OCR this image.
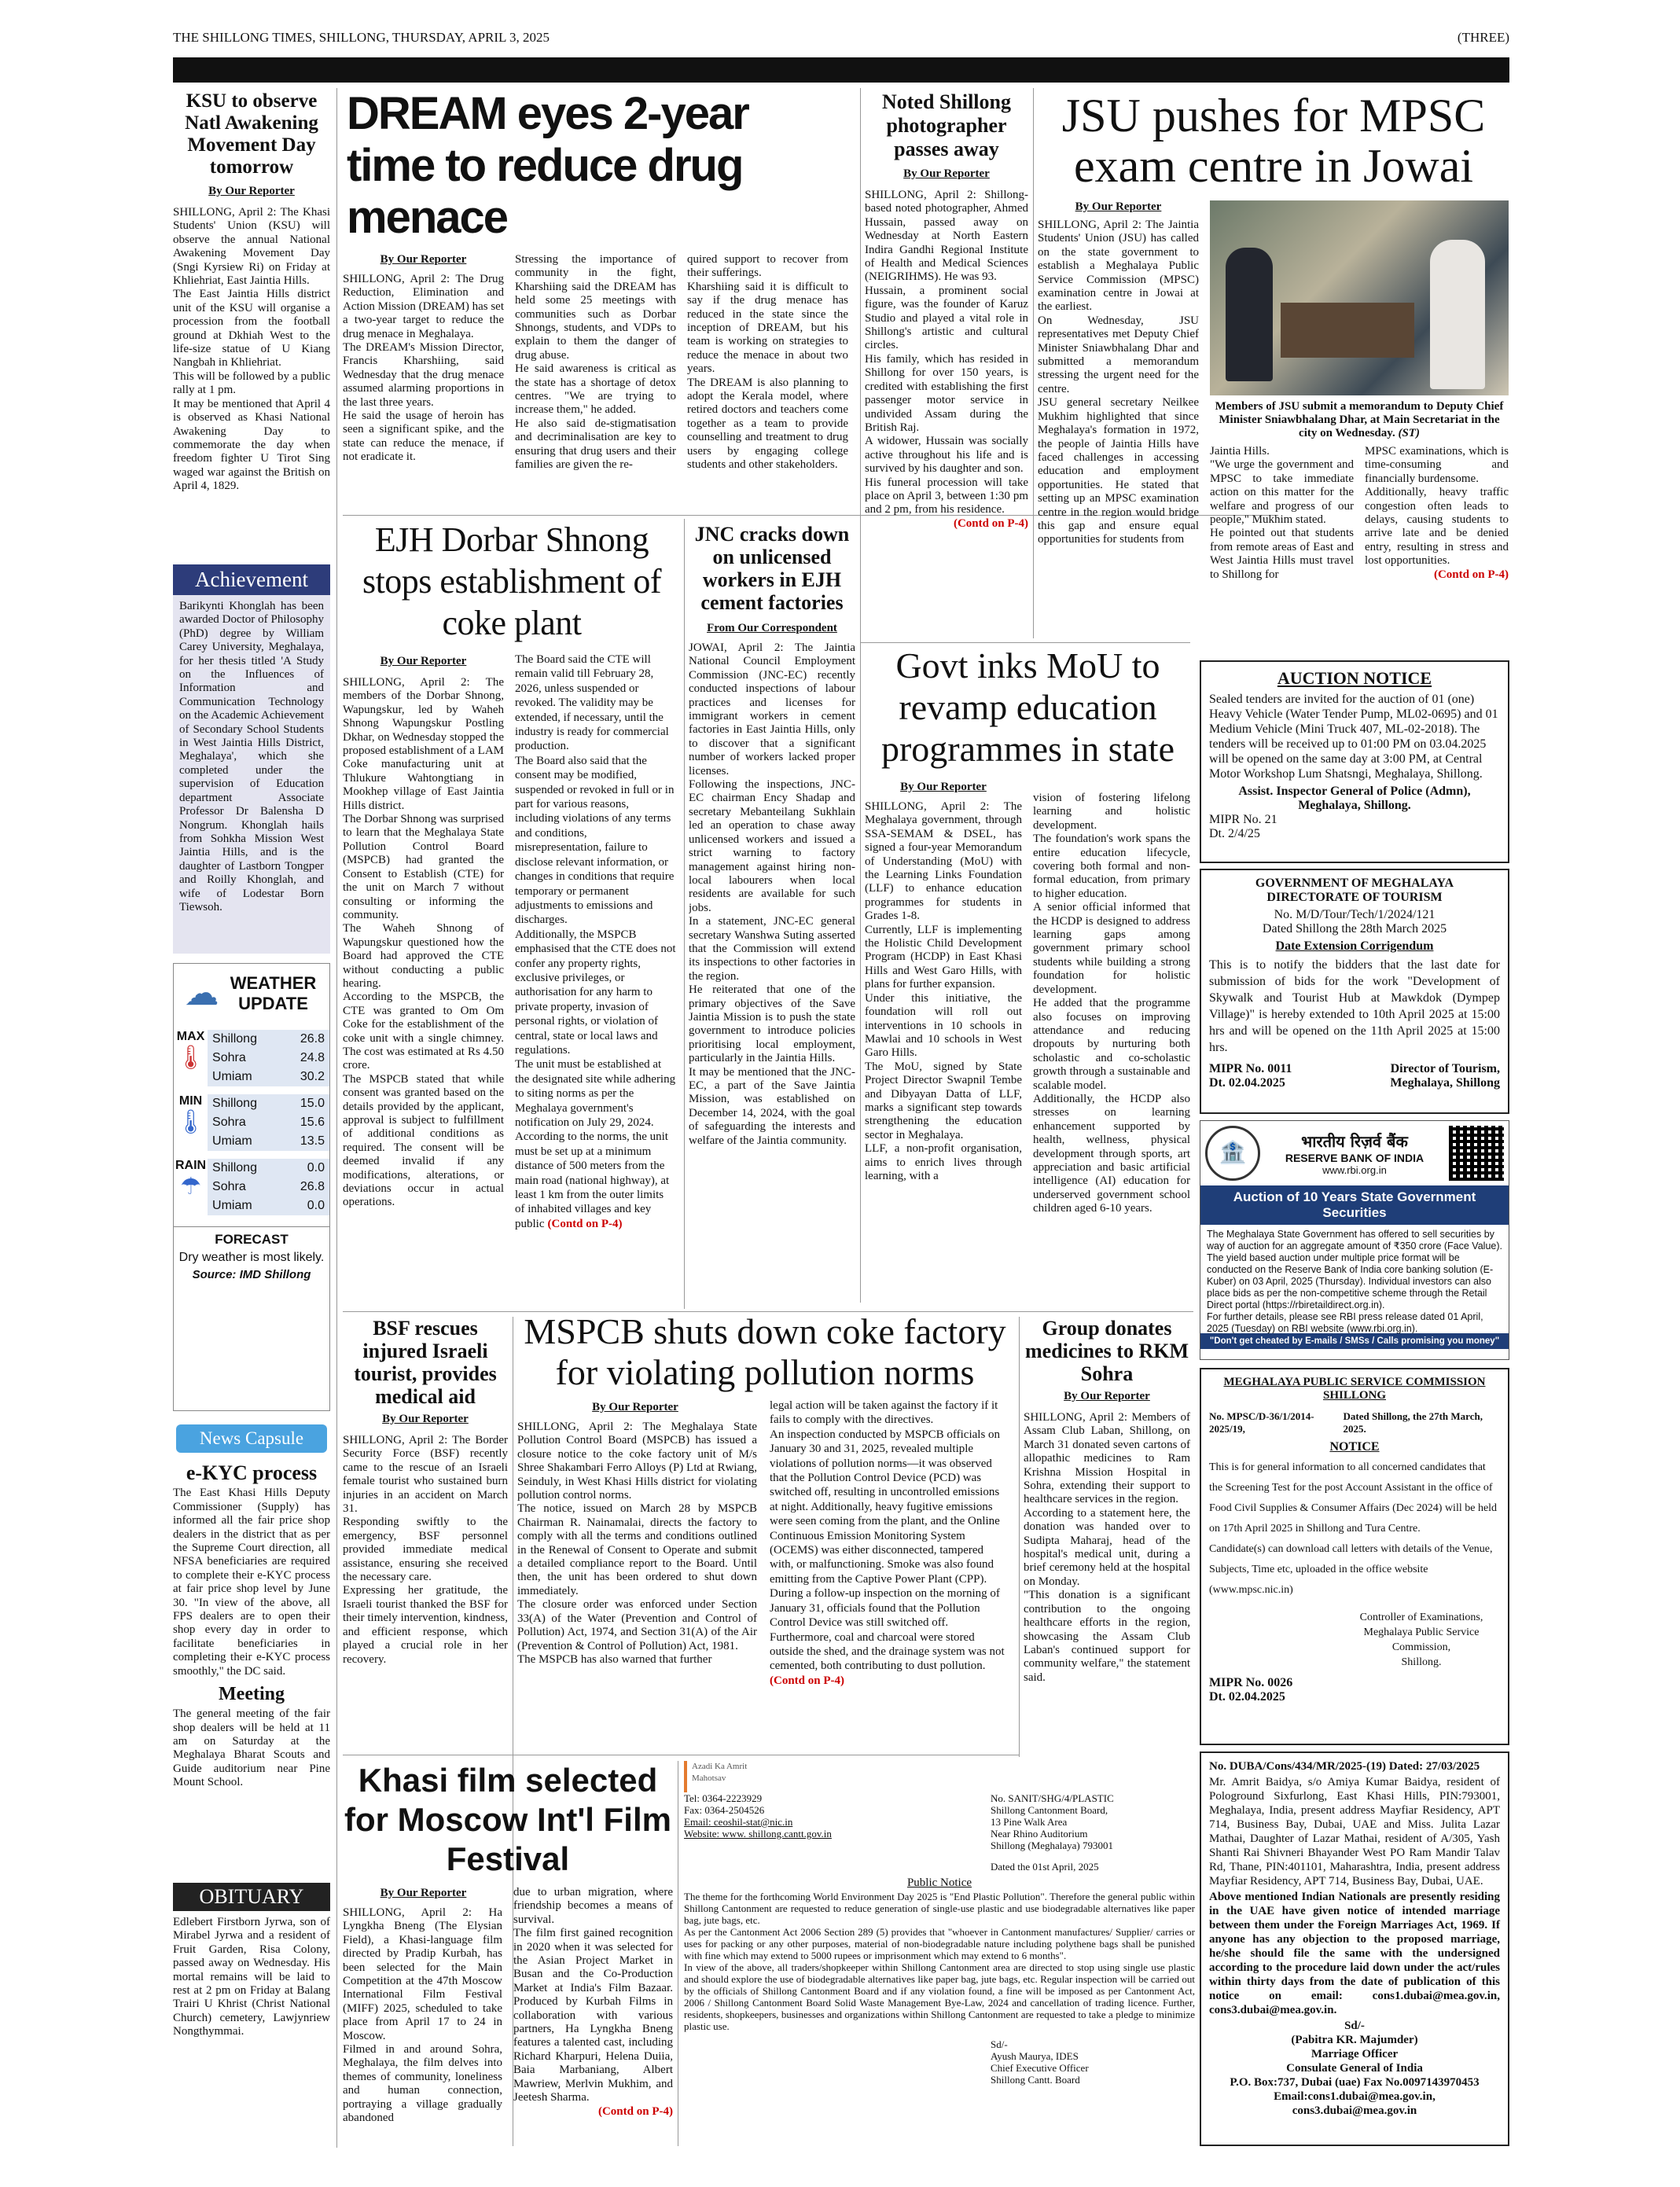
THE SHILLONG TIMES, SHILLONG, THURSDAY, APRIL 3, 2025	(THREE)
KSU to observe Natl Awakening Movement Day tomorrow
By Our Reporter
SHILLONG, April 2: The Khasi Students' Union (KSU) will observe the annual National Awakening Movement Day (Sngi Kyrsiew Ri) on Friday at Khliehriat, East Jaintia Hills.
The East Jaintia Hills district unit of the KSU will organise a procession from the football ground at Dkhiah West to the life-size statue of U Kiang Nangbah in Khliehriat.
This will be followed by a public rally at 1 pm.
It may be mentioned that April 4 is observed as Khasi National Awakening Day to commemorate the day when freedom fighter U Tirot Sing waged war against the British on April 4, 1829.
Achievement
Barikynti Khonglah has been awarded Doctor of Philosophy (PhD) degree by William Carey University, Meghalaya, for her thesis titled 'A Study on the Influences of Information and Communication Technology on the Academic Achievement of Secondary School Students in West Jaintia Hills District, Meghalaya', which she completed under the supervision of Education department Associate Professor Dr Balensha D Nongrum. Khonglah hails from Sohkha Mission West Jaintia Hills, and is the daughter of Lastborn Tongper and Roilly Khonglah, and wife of Lodestar Born Tiewsoh.
☁ WEATHER
UPDATE
MAX
🌡
Shillong	26.8
Sohra	24.8
Umiam	30.2
MIN
🌡
Shillong	15.0
Sohra	15.6
Umiam	13.5
RAIN
☂
Shillong	0.0
Sohra	26.8
Umiam	0.0
FORECAST
Dry weather is most likely.
Source: IMD Shillong
News Capsule
e-KYC process
The East Khasi Hills Deputy Commissioner (Supply) has informed all the fair price shop dealers in the district that as per the Supreme Court direction, all NFSA beneficiaries are required to complete their e-KYC process at fair price shop level by June 30. "In view of the above, all FPS dealers are to open their shop every day in order to facilitate beneficiaries in completing their e-KYC process smoothly," the DC said.
Meeting
The general meeting of the fair shop dealers will be held at 11 am on Saturday at the Meghalaya Bharat Scouts and Guide auditorium near Pine Mount School.
OBITUARY
Edlebert Firstborn Jyrwa, son of Mirabel Jyrwa and a resident of Fruit Garden, Risa Colony, passed away on Wednesday. His mortal remains will be laid to rest at 2 pm on Friday at Balang Trairi U Khrist (Christ National Church) cemetery, Lawjynriew Nongthymmai.
DREAM eyes 2-year time to reduce drug menace
By Our Reporter
SHILLONG, April 2: The Drug Reduction, Elimination and Action Mission (DREAM) has set a two-year target to reduce the drug menace in Meghalaya.
The DREAM's Mission Director, Francis Kharshiing, said Wednesday that the drug menace assumed alarming proportions in the last three years.
He said the usage of heroin has seen a significant spike, and the state can reduce the menace, if not eradicate it.
Stressing the importance of community in the fight, Kharshiing said the DREAM has held some 25 meetings with communities such as Dorbar Shnongs, students, and VDPs to explain to them the danger of drug abuse.
He said awareness is critical as the state has a shortage of detox centres. "We are trying to increase them," he added.
He also said de-stigmatisation and decriminalisation are key to ensuring that drug users and their families are given the re-
quired support to recover from their sufferings.
Kharshiing said it is difficult to say if the drug menace has reduced in the state since the inception of DREAM, but his team is working on strategies to reduce the menace in about two years.
The DREAM is also planning to adopt the Kerala model, where retired doctors and teachers come together as a team to provide counselling and treatment to drug users by engaging college students and other stakeholders.
EJH Dorbar Shnong stops establishment of coke plant
By Our Reporter
SHILLONG, April 2: The members of the Dorbar Shnong, Wapungskur, led by Waheh Shnong Wapungskur Postling Dkhar, on Wednesday stopped the proposed establishment of a LAM Coke manufacturing unit at Thlukure Wahtongtiang in Mookhep village of East Jaintia Hills district.
The Dorbar Shnong was surprised to learn that the Meghalaya State Pollution Control Board (MSPCB) had granted the Consent to Establish (CTE) for the unit on March 7 without consulting or informing the community.
The Waheh Shnong of Wapungskur questioned how the Board had approved the CTE without conducting a public hearing.
According to the MSPCB, the CTE was granted to Om Om Coke for the establishment of the coke unit with a single chimney. The cost was estimated at Rs 4.50 crore.
The MSPCB stated that while consent was granted based on the details provided by the applicant, approval is subject to fulfillment of additional conditions as required. The consent will be deemed invalid if any modifications, alterations, or deviations occur in actual operations.
The Board said the CTE will remain valid till February 28, 2026, unless suspended or revoked. The validity may be extended, if necessary, until the industry is ready for commercial production.
The Board also said that the consent may be modified, suspended or revoked in full or in part for various reasons, including violations of any terms and conditions, misrepresentation, failure to disclose relevant information, or changes in conditions that require temporary or permanent adjustments to emissions and discharges.
Additionally, the MSPCB emphasised that the CTE does not confer any property rights, exclusive privileges, or authorisation for any harm to private property, invasion of personal rights, or violation of central, state or local laws and regulations.
The unit must be established at the designated site while adhering to siting norms as per the Meghalaya government's notification on July 29, 2024.
According to the norms, the unit must be set up at a minimum distance of 500 meters from the main road (national highway), at least 1 km from the outer limits of inhabited villages and key public (Contd on P-4)
JNC cracks down on unlicensed workers in EJH cement factories
From Our Correspondent
JOWAI, April 2: The Jaintia National Council Employment Commission (JNC-EC) recently conducted inspections of labour practices and licenses for immigrant workers in cement factories in East Jaintia Hills, only to discover that a significant number of workers lacked proper licenses.
Following the inspections, JNC-EC chairman Ency Shadap and secretary Mebanteilang Sukhlain led an operation to chase away unlicensed workers and issued a strict warning to factory management against hiring non-local labourers when local residents are available for such jobs.
In a statement, JNC-EC general secretary Wanshwa Suting asserted that the Commission will extend its inspections to other factories in the region.
He reiterated that one of the primary objectives of the Save Jaintia Mission is to push the state government to introduce policies prioritising local employment, particularly in the Jaintia Hills.
It may be mentioned that the JNC-EC, a part of the Save Jaintia Mission, was established on December 14, 2024, with the goal of safeguarding the interests and welfare of the Jaintia community.
Noted Shillong photographer passes away
By Our Reporter
SHILLONG, April 2: Shillong-based noted photographer, Ahmed Hussain, passed away on Wednesday at North Eastern Indira Gandhi Regional Institute of Health and Medical Sciences (NEIGRIHMS). He was 93.
Hussain, a prominent social figure, was the founder of Karuz Studio and played a vital role in Shillong's artistic and cultural circles.
His family, which has resided in Shillong for over 150 years, is credited with establishing the first passenger motor service in undivided Assam during the British Raj.
A widower, Hussain was socially active throughout his life and is survived by his daughter and son.
His funeral procession will take place on April 3, between 1:30 pm and 2 pm, from his residence.
(Contd on P-4)
JSU pushes for MPSC exam centre in Jowai
By Our Reporter
SHILLONG, April 2: The Jaintia Students' Union (JSU) has called on the state government to establish a Meghalaya Public Service Commission (MPSC) examination centre in Jowai at the earliest.
On Wednesday, JSU representatives met Deputy Chief Minister Sniawbhalang Dhar and submitted a memorandum stressing the urgent need for the centre.
JSU general secretary Neilkee Mukhim highlighted that since Meghalaya's formation in 1972, the people of Jaintia Hills have faced challenges in accessing education and employment opportunities. He stated that setting up an MPSC examination centre in the region would bridge this gap and ensure equal opportunities for students from
Members of JSU submit a memorandum to Deputy Chief Minister Sniawbhalang Dhar, at Main Secretariat in the city on Wednesday. (ST)
Jaintia Hills.
"We urge the government and MPSC to take immediate action on this matter for the welfare and progress of our people," Mukhim stated.
He pointed out that students from remote areas of East and West Jaintia Hills must travel to Shillong for
MPSC examinations, which is time-consuming and financially burdensome.
Additionally, heavy traffic congestion often leads to delays, causing students to arrive late and be denied entry, resulting in stress and lost opportunities.
(Contd on P-4)
Govt inks MoU to revamp education programmes in state
By Our Reporter
SHILLONG, April 2: The Meghalaya government, through SSA-SEMAM & DSEL, has signed a four-year Memorandum of Understanding (MoU) with the Learning Links Foundation (LLF) to enhance education programmes for students in Grades 1-8.
Currently, LLF is implementing the Holistic Child Development Program (HCDP) in East Khasi Hills and West Garo Hills, with plans for further expansion.
Under this initiative, the foundation will roll out interventions in 10 schools in Mawlai and 10 schools in West Garo Hills.
The MoU, signed by State Project Director Swapnil Tembe and Dibyayan Datta of LLF, marks a significant step towards strengthening the education sector in Meghalaya.
LLF, a non-profit organisation, aims to enrich lives through learning, with a
vision of fostering lifelong learning and holistic development.
The foundation's work spans the entire education lifecycle, covering both formal and non-formal education, from primary to higher education.
A senior official informed that the HCDP is designed to address learning gaps among government primary school students while building a strong foundation for holistic development.
He added that the programme also focuses on improving attendance and reducing dropouts by nurturing both scholastic and co-scholastic growth through a sustainable and scalable model.
Additionally, the HCDP also stresses on learning enhancement supported by health, wellness, physical development through sports, art appreciation and basic artificial intelligence (AI) education for underserved government school children aged 6-10 years.
AUCTION NOTICE
Sealed tenders are invited for the auction of 01 (one) Heavy Vehicle (Water Tender Pump, ML02-0695) and 01 Medium Vehicle (Mini Truck 407, ML-02-2018). The tenders will be received up to 01:00 PM on 03.04.2025 will be opened on the same day at 3:00 PM, at Central Motor Workshop Lum Shatsngi, Meghalaya, Shillong.
Assist. Inspector General of Police (Admn),
Meghalaya, Shillong.
MIPR No. 21
Dt. 2/4/25
GOVERNMENT OF MEGHALAYA
DIRECTORATE OF TOURISM
No. M/D/Tour/Tech/1/2024/121
Dated Shillong the 28th March 2025
Date Extension Corrigendum
This is to notify the bidders that the last date for submission of bids for the work "Development of Skywalk and Tourist Hub at Mawkdok (Dympep Village)" is hereby extended to 10th April 2025 at 15:00 hrs and will be opened on the 11th April 2025 at 15:00 hrs.
MIPR No. 0011
Dt. 02.04.2025
Director of Tourism,
Meghalaya, Shillong
🏦	भारतीय रिज़र्व बैंक
RESERVE BANK OF INDIA
www.rbi.org.in
Auction of 10 Years State Government Securities
The Meghalaya State Government has offered to sell securities by way of auction for an aggregate amount of ₹350 crore (Face Value).
The yield based auction under multiple price format will be conducted on the Reserve Bank of India core banking solution (E-Kuber) on 03 April, 2025 (Thursday). Individual investors can also place bids as per the non-competitive scheme through the Retail Direct portal (https://rbiretaildirect.org.in).
For further details, please see RBI press release dated 01 April, 2025 (Tuesday) on RBI website (www.rbi.org.in).
"Don't get cheated by E-mails / SMSs / Calls promising you money"
BSF rescues injured Israeli tourist, provides medical aid
By Our Reporter
SHILLONG, April 2: The Border Security Force (BSF) recently came to the rescue of an Israeli female tourist who sustained burn injuries in an accident on March 31.
Responding swiftly to the emergency, BSF personnel provided immediate medical assistance, ensuring she received the necessary care.
Expressing her gratitude, the Israeli tourist thanked the BSF for their timely intervention, kindness, and efficient response, which played a crucial role in her recovery.
MSPCB shuts down coke factory for violating pollution norms
By Our Reporter
SHILLONG, April 2: The Meghalaya State Pollution Control Board (MSPCB) has issued a closure notice to the coke factory unit of M/s Shree Shakambari Ferro Alloys (P) Ltd at Rwiang, Seinduly, in West Khasi Hills district for violating pollution control norms.
The notice, issued on March 28 by MSPCB Chairman R. Nainamalai, directs the factory to comply with all the terms and conditions outlined in the Renewal of Consent to Operate and submit a detailed compliance report to the Board. Until then, the unit has been ordered to shut down immediately.
The closure order was enforced under Section 33(A) of the Water (Prevention and Control of Pollution) Act, 1974, and Section 31(A) of the Air (Prevention & Control of Pollution) Act, 1981.
The MSPCB has also warned that further
legal action will be taken against the factory if it fails to comply with the directives.
An inspection conducted by MSPCB officials on January 30 and 31, 2025, revealed multiple violations of pollution norms—it was observed that the Pollution Control Device (PCD) was switched off, resulting in uncontrolled emissions at night. Additionally, heavy fugitive emissions were seen coming from the plant, and the Online Continuous Emission Monitoring System (OCEMS) was either disconnected, tampered with, or malfunctioning. Smoke was also found emitting from the Captive Power Plant (CPP).
During a follow-up inspection on the morning of January 31, officials found that the Pollution Control Device was still switched off. Furthermore, coal and charcoal were stored outside the shed, and the drainage system was not cemented, both contributing to dust pollution. (Contd on P-4)
Group donates medicines to RKM Sohra
By Our Reporter
SHILLONG, April 2: Members of Assam Club Laban, Shillong, on March 31 donated seven cartons of allopathic medicines to Ram Krishna Mission Hospital in Sohra, extending their support to healthcare services in the region.
According to a statement here, the donation was handed over to Sudipta Maharaj, head of the hospital's medical unit, during a brief ceremony held at the hospital on Monday.
"This donation is a significant contribution to the ongoing healthcare efforts in the region, showcasing the Assam Club Laban's continued support for community welfare," the statement said.
MEGHALAYA PUBLIC SERVICE COMMISSION
SHILLONG
No. MPSC/D-36/1/2014-2025/19,
Dated Shillong, the 27th March, 2025.
NOTICE
This is for general information to all concerned candidates that the Screening Test for the post Account Assistant in the office of Food Civil Supplies & Consumer Affairs (Dec 2024) will be held on 17th April 2025 in Shillong and Tura Centre.
Candidate(s) can download call letters with details of the Venue, Subjects, Time etc, uploaded in the office website (www.mpsc.nic.in)
Controller of Examinations,
Meghalaya Public Service Commission,
Shillong.
MIPR No. 0026
Dt. 02.04.2025
Khasi film selected for Moscow Int'l Film Festival
By Our Reporter
SHILLONG, April 2: Ha Lyngkha Bneng (The Elysian Field), a Khasi-language film directed by Pradip Kurbah, has been selected for the Main Competition at the 47th Moscow International Film Festival (MIFF) 2025, scheduled to take place from April 17 to 24 in Moscow.
Filmed in and around Sohra, Meghalaya, the film delves into themes of community, loneliness and human connection, portraying a village gradually abandoned
due to urban migration, where friendship becomes a means of survival.
The film first gained recognition in 2020 when it was selected for the Asian Project Market in Busan and the Co-Production Market at India's Film Bazaar. Produced by Kurbah Films in collaboration with various partners, Ha Lyngkha Bneng features a talented cast, including Richard Kharpuri, Helena Duiia, Baia Marbaniang, Albert Mawriew, Merlvin Mukhim, and Jeetesh Sharma.
(Contd on P-4)
Azadi Ka Amrit Mahotsav
Tel: 0364-2223929
Fax: 0364-2504526
Email: ceoshil-stat@nic.in
Website: www. shillong.cantt.gov.in
No. SANIT/SHG/4/PLASTIC
Shillong Cantonment Board,
13 Pine Walk Area
Near Rhino Auditorium
Shillong (Meghalaya) 793001
Dated the 01st April, 2025
Public Notice
The theme for the forthcoming World Environment Day 2025 is "End Plastic Pollution". Therefore the general public within Shillong Cantonment are requested to reduce generation of single-use plastic and use biodegradable alternatives like paper bag, jute bags, etc.
As per the Cantonment Act 2006 Section 289 (5) provides that "whoever in Cantonment manufactures/ Supplier/ carries or uses for packing or any other purposes, material of non-biodegradable nature including polythene bags shall be punished with fine which may extend to 5000 rupees or imprisonment which may extend to 6 months".
In view of the above, all traders/shopkeeper within Shillong Cantonment area are directed to stop using single use plastic and should explore the use of biodegradable alternatives like paper bag, jute bags, etc. Regular inspection will be carried out by the officials of Shillong Cantonment Board and if any violation found, a fine will be imposed as per Cantonment Act, 2006 / Shillong Cantonment Board Solid Waste Management Bye-Law, 2024 and cancellation of trading licence. Further, residents, shopkeepers, businesses and organizations within Shillong Cantonment are requested to take a pledge to minimize plastic use.
Sd/-
Ayush Maurya, IDES
Chief Executive Officer
Shillong Cantt. Board
No. DUBA/Cons/434/MR/2025-(19) Dated: 27/03/2025
Mr. Amrit Baidya, s/o Amiya Kumar Baidya, resident of Pologround Sixfurlong, East Khasi Hills, PIN:793001, Meghalaya, India, present address Mayfiar Residency, APT 714, Business Bay, Dubai, UAE and Miss. Julita Lazar Mathai, Daughter of Lazar Mathai, resident of A/305, Yash Shanti Rai Shivneri Bhayander West PO Ram Mandir Talav Rd, Thane, PIN:401101, Maharashtra, India, present address Mayfiar Residency, APT 714, Business Bay, Dubai, UAE.
Above mentioned Indian Nationals are presently residing in the UAE have given notice of intended marriage between them under the Foreign Marriages Act, 1969. If anyone has any objection to the proposed marriage, he/she should file the same with the undersigned according to the procedure laid down under the act/rules within thirty days from the date of publication of this notice on email: cons1.dubai@mea.gov.in, cons3.dubai@mea.gov.in.
Sd/-
(Pabitra KR. Majumder)
Marriage Officer
Consulate General of India
P.O. Box:737, Dubai (uae) Fax No.0097143970453
Email:cons1.dubai@mea.gov.in,
cons3.dubai@mea.gov.in
